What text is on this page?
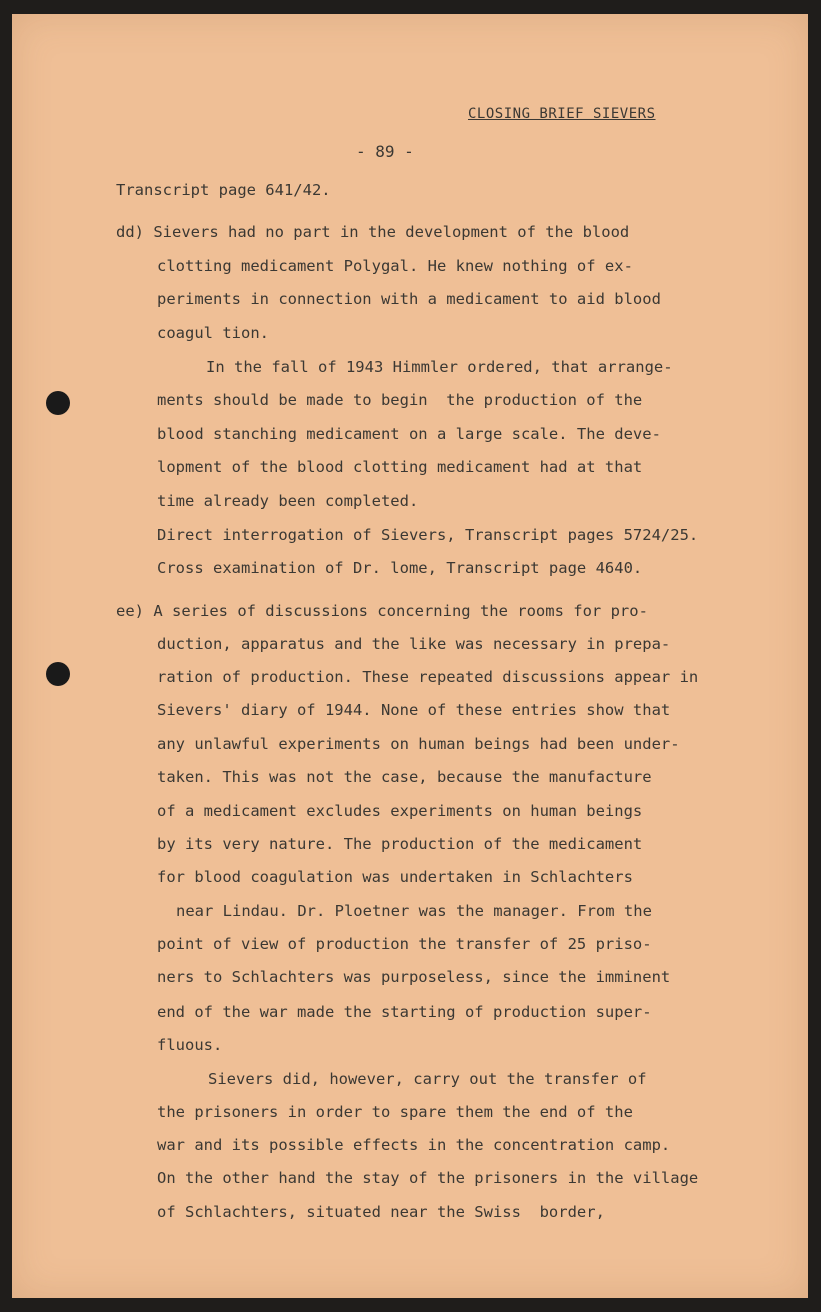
CLOSING BRIEF SIEVERS
- 89 -
Transcript page 641/42.
dd) Sievers had no part in the development of the blood
clotting medicament Polygal. He knew nothing of ex-
periments in connection with a medicament to aid blood
coagul tion.
In the fall of 1943 Himmler ordered, that arrange-
ments should be made to begin  the production of the
blood stanching medicament on a large scale. The deve-
lopment of the blood clotting medicament had at that
time already been completed.
Direct interrogation of Sievers, Transcript pages 5724/25.
Cross examination of Dr. lome, Transcript page 4640.
ee) A series of discussions concerning the rooms for pro-
duction, apparatus and the like was necessary in prepa-
ration of production. These repeated discussions appear in
Sievers' diary of 1944. None of these entries show that
any unlawful experiments on human beings had been under-
taken. This was not the case, because the manufacture
of a medicament excludes experiments on human beings
by its very nature. The production of the medicament
for blood coagulation was undertaken in Schlachters
near Lindau. Dr. Ploetner was the manager. From the
point of view of production the transfer of 25 priso-
ners to Schlachters was purposeless, since the imminent
end of the war made the starting of production super-
fluous.
Sievers did, however, carry out the transfer of
the prisoners in order to spare them the end of the
war and its possible effects in the concentration camp.
On the other hand the stay of the prisoners in the village
of Schlachters, situated near the Swiss  border,
